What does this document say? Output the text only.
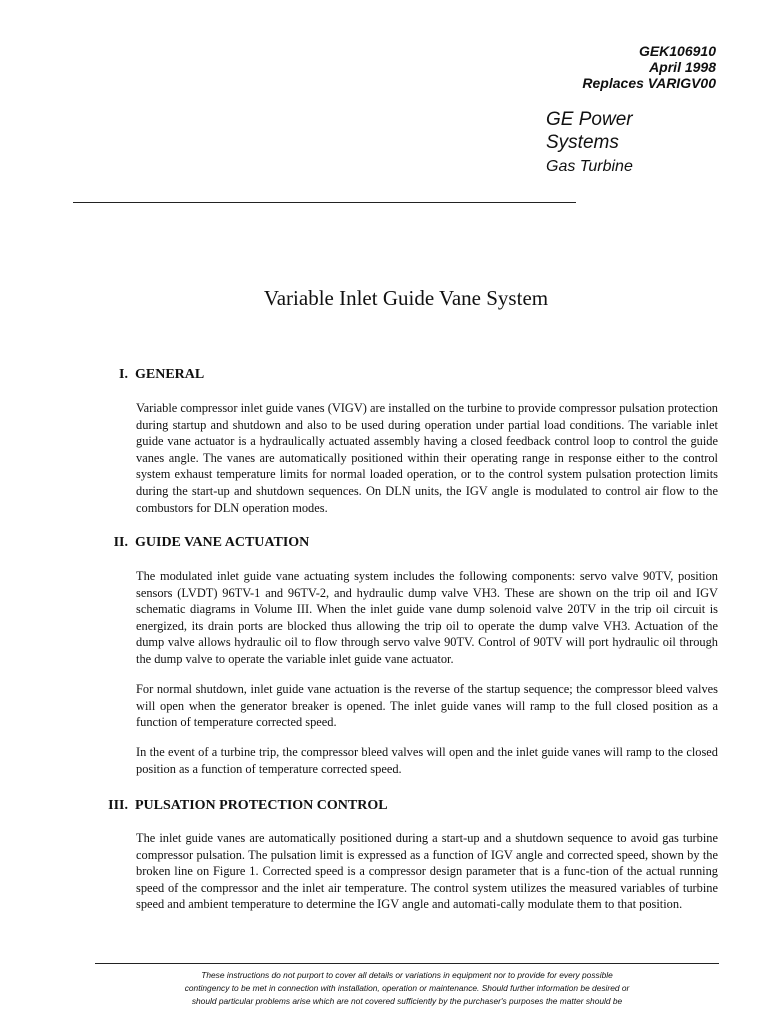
GEK106910
April 1998
Replaces VARIGV00
GE Power Systems
Gas Turbine
Variable Inlet Guide Vane System
I. GENERAL

Variable compressor inlet guide vanes (VIGV) are installed on the turbine to provide compressor pulsation protection during startup and shutdown and also to be used during operation under partial load conditions. The variable inlet guide vane actuator is a hydraulically actuated assembly having a closed feedback control loop to control the guide vanes angle. The vanes are automatically positioned within their operating range in response either to the control system exhaust temperature limits for normal loaded operation, or to the control system pulsation protection limits during the start-up and shutdown sequences. On DLN units, the IGV angle is modulated to control air flow to the combustors for DLN operation modes.

II. GUIDE VANE ACTUATION

The modulated inlet guide vane actuating system includes the following components: servo valve 90TV, position sensors (LVDT) 96TV-1 and 96TV-2, and hydraulic dump valve VH3. These are shown on the trip oil and IGV schematic diagrams in Volume III. When the inlet guide vane dump solenoid valve 20TV in the trip oil circuit is energized, its drain ports are blocked thus allowing the trip oil to operate the dump valve VH3. Actuation of the dump valve allows hydraulic oil to flow through servo valve 90TV. Control of 90TV will port hydraulic oil through the dump valve to operate the variable inlet guide vane actuator.

For normal shutdown, inlet guide vane actuation is the reverse of the startup sequence; the compressor bleed valves will open when the generator breaker is opened. The inlet guide vanes will ramp to the full closed position as a function of temperature corrected speed.

In the event of a turbine trip, the compressor bleed valves will open and the inlet guide vanes will ramp to the closed position as a function of temperature corrected speed.

III. PULSATION PROTECTION CONTROL

The inlet guide vanes are automatically positioned during a start-up and a shutdown sequence to avoid gas turbine compressor pulsation. The pulsation limit is expressed as a function of IGV angle and corrected speed, shown by the broken line on Figure 1. Corrected speed is a compressor design parameter that is a func-tion of the actual running speed of the compressor and the inlet air temperature. The control system utilizes the measured variables of turbine speed and ambient temperature to determine the IGV angle and automati-cally modulate them to that position.

These instructions do not purport to cover all details or variations in equipment nor to provide for every possible
contingency to be met in connection with installation, operation or maintenance. Should further information be desired or
should particular problems arise which are not covered sufficiently by the purchaser's purposes the matter should be
